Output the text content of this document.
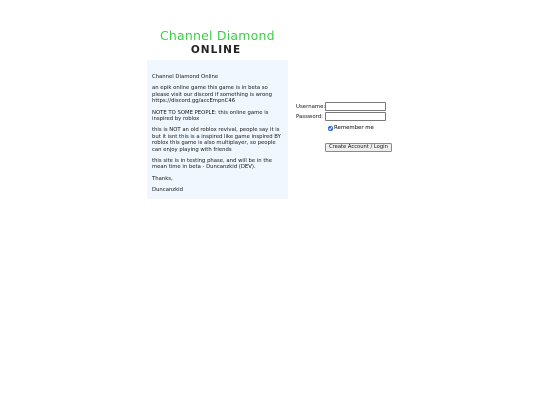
Channel Diamond
ONLINE

Channel Diamond Online

an epik online game this game is in beta so please visit our discord if something is wrong https://discord.gg/accEmpnC46

NOTE TO SOME PEOPLE: this online game is inspired by roblox

this is NOT an old roblox revival, people say it is but it isnt this is a inspired like game inspired BY roblox this game is also multiplayer, so people can enjoy playing with friends

this site is in testing phase, and will be in the mean time in beta - Duncanzkid (DEV).

Thanks,

Duncanzkid

Username:
Password:
Remember me
Create Account / Login
